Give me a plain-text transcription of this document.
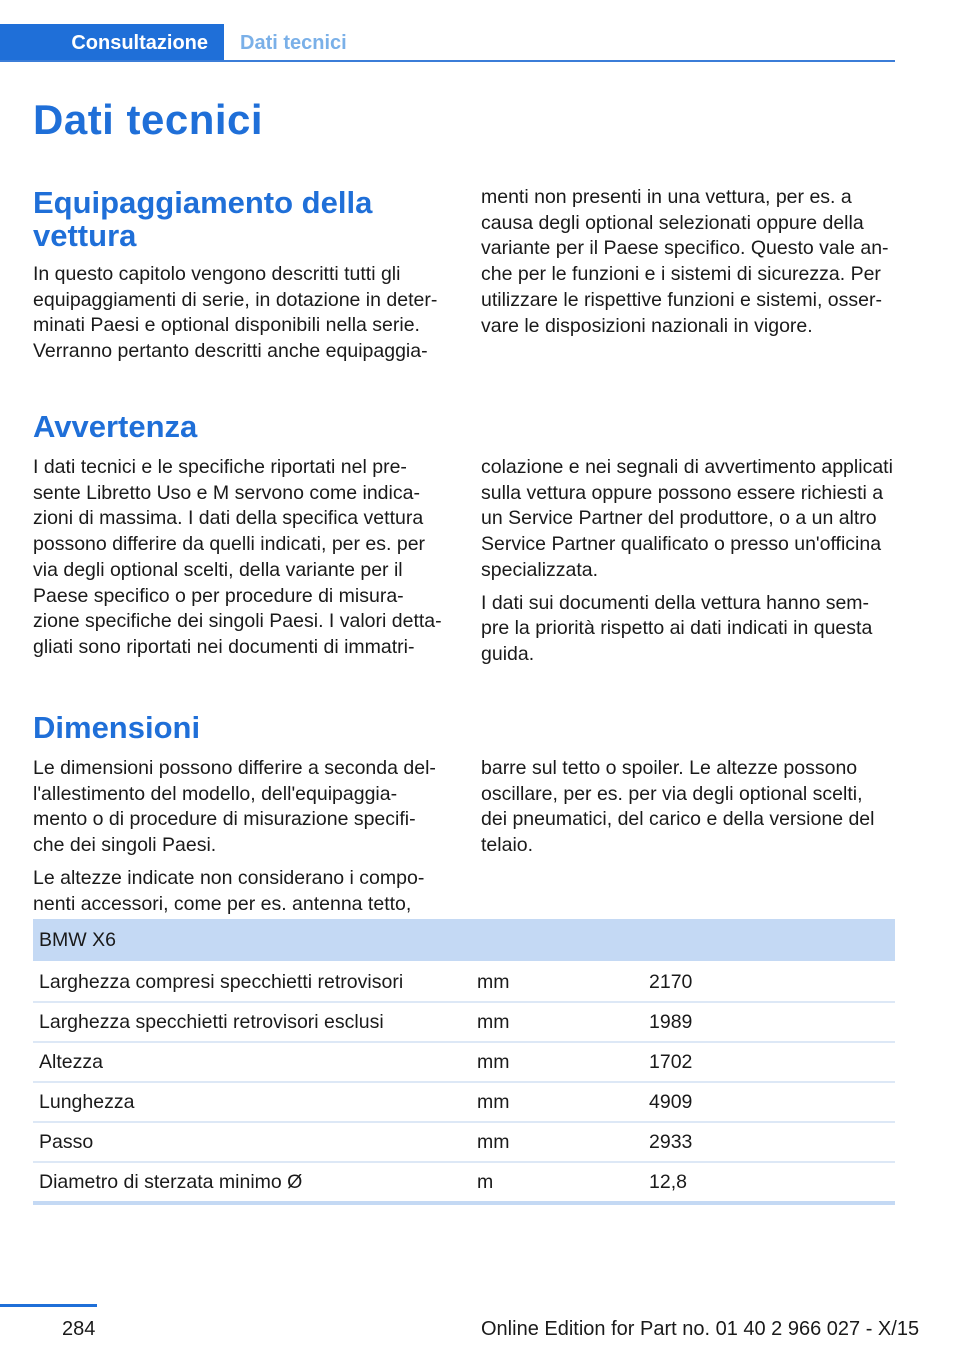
Consultazione	Dati tecnici
Dati tecnici
Equipaggiamento della vettura

In questo capitolo vengono descritti tutti gli equipaggiamenti di serie, in dotazione in deter-minati Paesi e optional disponibili nella serie. Verranno pertanto descritti anche equipaggia-

menti non presenti in una vettura, per es. a causa degli optional selezionati oppure della variante per il Paese specifico. Questo vale an-che per le funzioni e i sistemi di sicurezza. Per utilizzare le rispettive funzioni e sistemi, osser-vare le disposizioni nazionali in vigore.

Avvertenza

I dati tecnici e le specifiche riportati nel pre-sente Libretto Uso e M servono come indica-zioni di massima. I dati della specifica vettura possono differire da quelli indicati, per es. per via degli optional scelti, della variante per il Paese specifico o per procedure di misura-zione specifiche dei singoli Paesi. I valori detta-gliati sono riportati nei documenti di immatri-

colazione e nei segnali di avvertimento applicati sulla vettura oppure possono essere richiesti a un Service Partner del produttore, o a un altro Service Partner qualificato o presso un'officina specializzata.

I dati sui documenti della vettura hanno sem-pre la priorità rispetto ai dati indicati in questa guida.

Dimensioni

Le dimensioni possono differire a seconda del-l'allestimento del modello, dell'equipaggia-mento o di procedure di misurazione specifi-che dei singoli Paesi.

Le altezze indicate non considerano i compo-nenti accessori, come per es. antenna tetto,

barre sul tetto o spoiler. Le altezze possono oscillare, per es. per via degli optional scelti, dei pneumatici, del carico e della versione del telaio.

BMW X6		
Larghezza compresi specchietti retrovisori	mm	2170
Larghezza specchietti retrovisori esclusi	mm	1989
Altezza	mm	1702
Lunghezza	mm	4909
Passo	mm	2933
Diametro di sterzata minimo Ø	m	12,8
284	Online Edition for Part no. 01 40 2 966 027 - X/15
